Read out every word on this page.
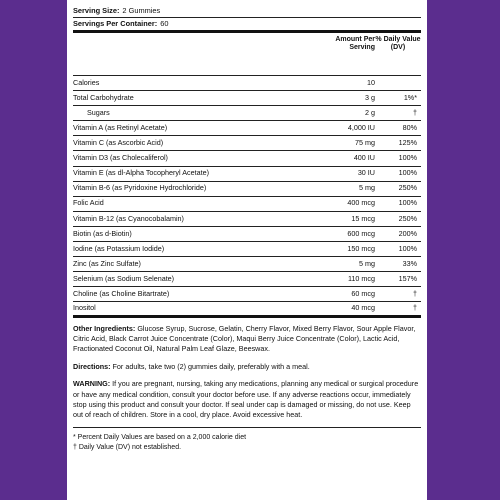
Serving Size: 2 Gummies
Servings Per Container: 60
Amount Per Serving
% Daily Value (DV)
Calories	10
Total Carbohydrate	3 g	1%*
Sugars	2 g	†
Vitamin A (as Retinyl Acetate)	4,000 IU	80%
Vitamin C (as Ascorbic Acid)	75 mg	125%
Vitamin D3 (as Cholecaliferol)	400 IU	100%
Vitamin E (as dl-Alpha Tocopheryl Acetate)	30 IU	100%
Vitamin B-6 (as Pyridoxine Hydrochloride)	5 mg	250%
Folic Acid	400 mcg	100%
Vitamin B-12 (as Cyanocobalamin)	15 mcg	250%
Biotin (as d-Biotin)	600 mcg	200%
Iodine (as Potassium Iodide)	150 mcg	100%
Zinc (as Zinc Sulfate)	5 mg	33%
Selenium (as Sodium Selenate)	110 mcg	157%
Choline (as Choline Bitartrate)	60 mcg	†
Inositol	40 mcg	†

Other Ingredients: Glucose Syrup, Sucrose, Gelatin, Cherry Flavor, Mixed Berry Flavor, Sour Apple Flavor, Citric Acid, Black Carrot Juice Concentrate (Color), Maqui Berry Juice Concentrate (Color), Lactic Acid, Fractionated Coconut Oil, Natural Palm Leaf Glaze, Beeswax.

Directions: For adults, take two (2) gummies daily, preferably with a meal.

WARNING: If you are pregnant, nursing, taking any medications, planning any medical or surgical procedure or have any medical condition, consult your doctor before use. If any adverse reactions occur, immediately stop using this product and consult your doctor. If seal under cap is damaged or missing, do not use. Keep out of reach of children. Store in a cool, dry place. Avoid excessive heat.

* Percent Daily Values are based on a 2,000 calorie diet
† Daily Value (DV) not established.
